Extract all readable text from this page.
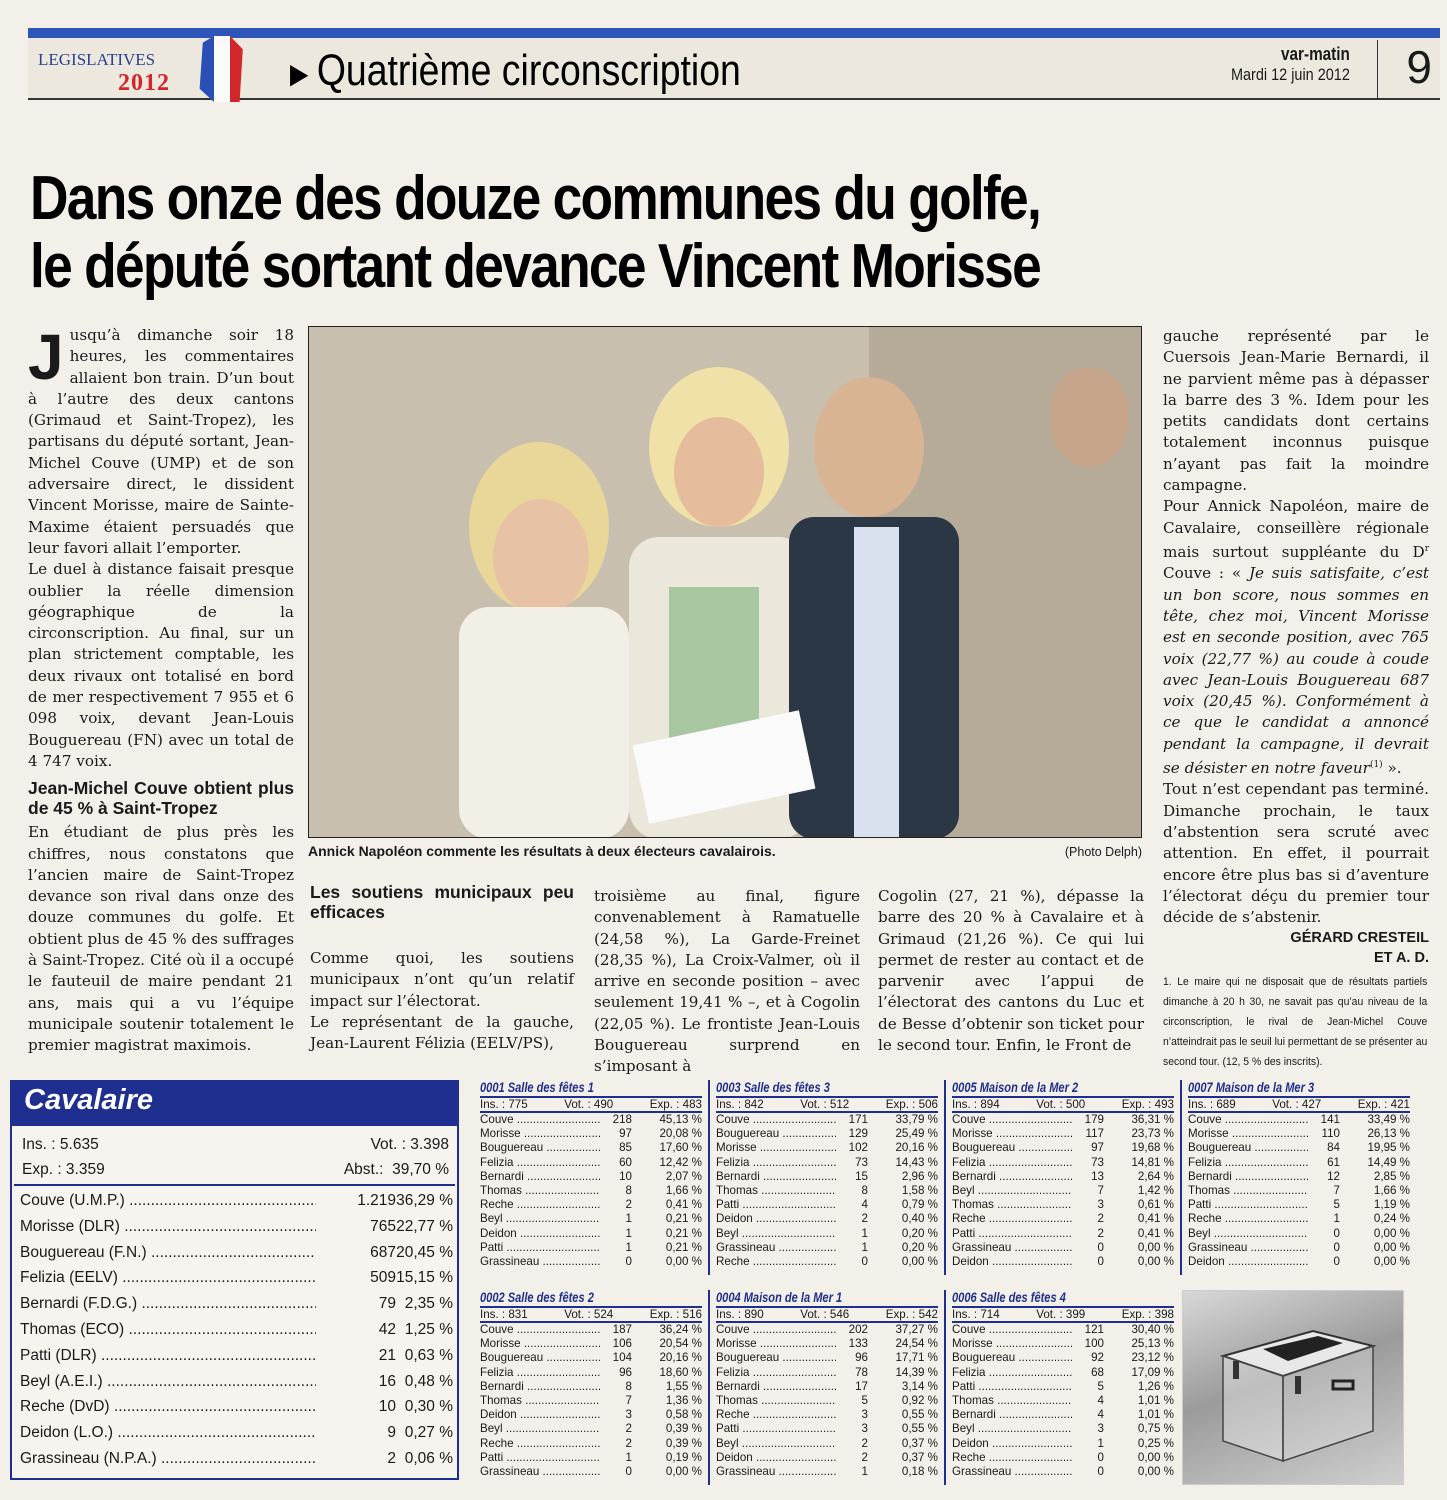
LEGISLATIVES
2012	▶ Quatrième circonscription	var-matin
Mardi 12 juin 2012	9
Dans onze des douze communes du golfe,
le député sortant devance Vincent Morisse

Jusqu’à dimanche soir 18 heures, les commentaires allaient bon train. D’un bout à l’autre des deux cantons (Grimaud et Saint-Tropez), les partisans du député sortant, Jean-Michel Couve (UMP) et de son adversaire direct, le dissident Vincent Morisse, maire de Sainte-Maxime étaient persuadés que leur favori allait l’emporter.

Le duel à distance faisait presque oublier la réelle dimension géographique de la circonscription. Au final, sur un plan strictement comptable, les deux rivaux ont totalisé en bord de mer respectivement 7 955 et 6 098 voix, devant Jean-Louis Bouguereau (FN) avec un total de 4 747 voix.

Jean-Michel Couve obtient plus de 45 % à Saint-Tropez

En étudiant de plus près les chiffres, nous constatons que l’ancien maire de Saint-Tropez devance son rival dans onze des douze communes du golfe. Et obtient plus de 45 % des suffrages à Saint-Tropez. Cité où il a occupé le fauteuil de maire pendant 21 ans, mais qui a vu l’équipe municipale soutenir totalement le premier magistrat maximois.

Annick Napoléon commente les résultats à deux électeurs cavalairois.	(Photo Delph)
Les soutiens municipaux peu efficaces

Comme quoi, les soutiens municipaux n’ont qu’un relatif impact sur l’électorat.

Le représentant de la gauche, Jean-Laurent Félizia (EELV/PS),

troisième au final, figure convenablement à Ramatuelle (24,58 %), La Garde-Freinet (28,35 %), La Croix-Valmer, où il arrive en seconde position – avec seulement 19,41 % –, et à Cogolin (22,05 %). Le frontiste Jean-Louis Bouguereau surprend en s’imposant à

Cogolin (27, 21 %), dépasse la barre des 20 % à Cavalaire et à Grimaud (21,26 %). Ce qui lui permet de rester au contact et de parvenir avec l’appui de l’électorat des cantons du Luc et de Besse d’obtenir son ticket pour le second tour. Enfin, le Front de

gauche représenté par le Cuersois Jean-Marie Bernardi, il ne parvient même pas à dépasser la barre des 3 %. Idem pour les petits candidats dont certains totalement inconnus puisque n’ayant pas fait la moindre campagne.

Pour Annick Napoléon, maire de Cavalaire, conseillère régionale mais surtout suppléante du $D^r$ Couve : « Je suis satisfaite, c’est un bon score, nous sommes en tête, chez moi, Vincent Morisse est en seconde position, avec 765 voix (22,77 %) au coude à coude avec Jean-Louis Bouguereau 687 voix (20,45 %). Conformément à ce que le candidat a annoncé pendant la campagne, il devrait se désister en notre faveur$^{(1)}$ ».

Tout n’est cependant pas terminé. Dimanche prochain, le taux d’abstention sera scruté avec attention. En effet, il pourrait encore être plus bas si d’aventure l’électorat déçu du premier tour décide de s’abstenir.

GÉRARD CRESTEIL
ET A. D.
1. Le maire qui ne disposait que de résultats partiels dimanche à 20 h 30, ne savait pas qu’au niveau de la circonscription, le rival de Jean-Michel Couve n’atteindrait pas le seuil lui permettant de se présenter au second tour. (12, 5 % des inscrits).
Cavalaire
Ins. : 5.635	Vot. : 3.398
Exp. : 3.359	Abst.: 39,70 %
Couve (U.M.P.) .....	1.219 36,29 %
Morisse (DLR) .....	765 22,77 %
Bouguereau (F.N.) .....	687 20,45 %
Felizia (EELV) .....	509 15,15 %
Bernardi (F.D.G.) .....	79 2,35 %
Thomas (ECO) .....	42 1,25 %
Patti (DLR) .....	21 0,63 %
Beyl (A.E.I.) .....	16 0,48 %
Reche (DvD) .....	10 0,30 %
Deidon (L.O.) .....	9 0,27 %
Grassineau (N.P.A.) .....	2 0,06 %
0001 Salle des fêtes 1
Ins. : 775	Vot. : 490	Exp. : 483
Couve .....	218	45,13 %
Morisse .....	97	20,08 %
Bouguereau .....	85	17,60 %
Felizia .....	60	12,42 %
Bernardi .....	10	2,07 %
Thomas .....	8	1,66 %
Reche .....	2	0,41 %
Beyl .....	1	0,21 %
Deidon .....	1	0,21 %
Patti .....	1	0,21 %
Grassineau .....	0	0,00 %
0003 Salle des fêtes 3
Ins. : 842	Vot. : 512	Exp. : 506
Couve .....	171	33,79 %
Bouguereau .....	129	25,49 %
Morisse .....	102	20,16 %
Felizia .....	73	14,43 %
Bernardi .....	15	2,96 %
Thomas .....	8	1,58 %
Patti .....	4	0,79 %
Deidon .....	2	0,40 %
Beyl .....	1	0,20 %
Grassineau .....	1	0,20 %
Reche .....	0	0,00 %
0005 Maison de la Mer 2
Ins. : 894	Vot. : 500	Exp. : 493
Couve .....	179	36,31 %
Morisse .....	117	23,73 %
Bouguereau .....	97	19,68 %
Felizia .....	73	14,81 %
Bernardi .....	13	2,64 %
Beyl .....	7	1,42 %
Thomas .....	3	0,61 %
Reche .....	2	0,41 %
Patti .....	2	0,41 %
Grassineau .....	0	0,00 %
Deidon .....	0	0,00 %
0007 Maison de la Mer 3
Ins. : 689	Vot. : 427	Exp. : 421
Couve .....	141	33,49 %
Morisse .....	110	26,13 %
Bouguereau .....	84	19,95 %
Felizia .....	61	14,49 %
Bernardi .....	12	2,85 %
Thomas .....	7	1,66 %
Patti .....	5	1,19 %
Reche .....	1	0,24 %
Beyl .....	0	0,00 %
Grassineau .....	0	0,00 %
Deidon .....	0	0,00 %
0002 Salle des fêtes 2
Ins. : 831	Vot. : 524	Exp. : 516
Couve .....	187	36,24 %
Morisse .....	106	20,54 %
Bouguereau .....	104	20,16 %
Felizia .....	96	18,60 %
Bernardi .....	8	1,55 %
Thomas .....	7	1,36 %
Deidon .....	3	0,58 %
Beyl .....	2	0,39 %
Reche .....	2	0,39 %
Patti .....	1	0,19 %
Grassineau .....	0	0,00 %
0004 Maison de la Mer 1
Ins. : 890	Vot. : 546	Exp. : 542
Couve .....	202	37,27 %
Morisse .....	133	24,54 %
Bouguereau .....	96	17,71 %
Felizia .....	78	14,39 %
Bernardi .....	17	3,14 %
Thomas .....	5	0,92 %
Reche .....	3	0,55 %
Patti .....	3	0,55 %
Beyl .....	2	0,37 %
Deidon .....	2	0,37 %
Grassineau .....	1	0,18 %
0006 Salle des fêtes 4
Ins. : 714	Vot. : 399	Exp. : 398
Couve .....	121	30,40 %
Morisse .....	100	25,13 %
Bouguereau .....	92	23,12 %
Felizia .....	68	17,09 %
Patti .....	5	1,26 %
Thomas .....	4	1,01 %
Bernardi .....	4	1,01 %
Beyl .....	3	0,75 %
Deidon .....	1	0,25 %
Reche .....	0	0,00 %
Grassineau .....	0	0,00 %
